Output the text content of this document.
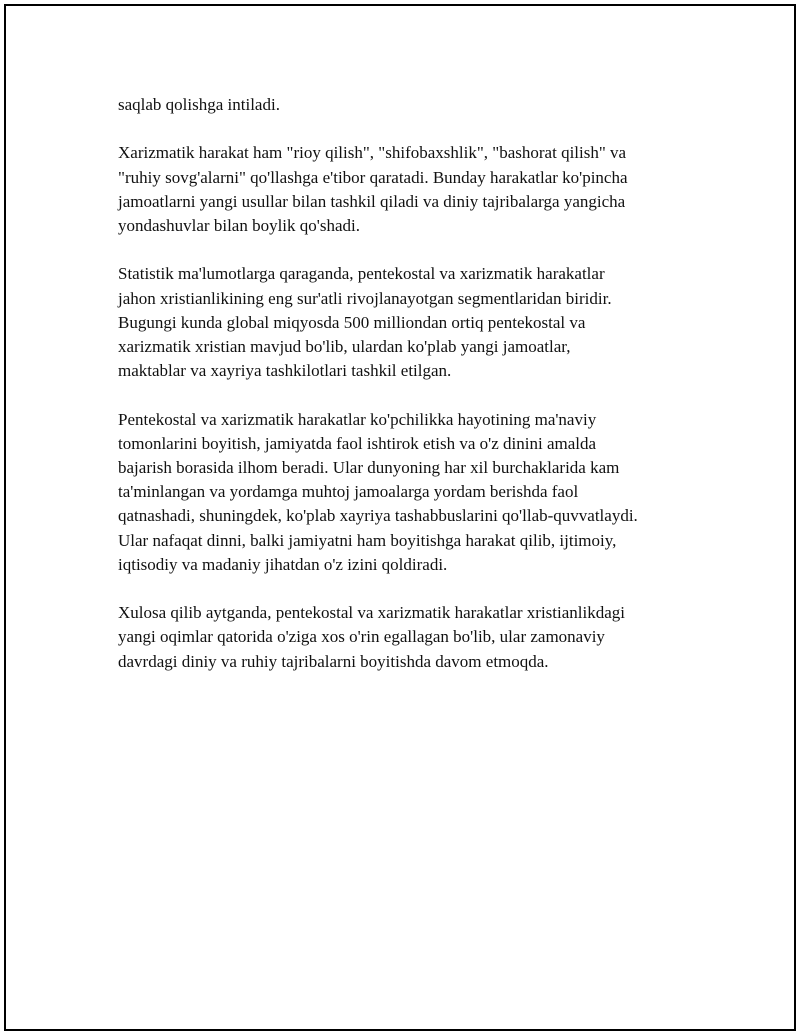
saqlab qolishga intiladi.

Xarizmatik harakat ham "rioy qilish", "shifobaxshlik", "bashorat qilish" va
"ruhiy sovg'alarni" qo'llashga e'tibor qaratadi. Bunday harakatlar ko'pincha
jamoatlarni yangi usullar bilan tashkil qiladi va diniy tajribalarga yangicha
yondashuvlar bilan boylik qo'shadi.

Statistik ma'lumotlarga qaraganda, pentekostal va xarizmatik harakatlar
jahon xristianlikining eng sur'atli rivojlanayotgan segmentlaridan biridir.
Bugungi kunda global miqyosda 500 milliondan ortiq pentekostal va
xarizmatik xristian mavjud bo'lib, ulardan ko'plab yangi jamoatlar,
maktablar va xayriya tashkilotlari tashkil etilgan.

Pentekostal va xarizmatik harakatlar ko'pchilikka hayotining ma'naviy
tomonlarini boyitish, jamiyatda faol ishtirok etish va o'z dinini amalda
bajarish borasida ilhom beradi. Ular dunyoning har xil burchaklarida kam
ta'minlangan va yordamga muhtoj jamoalarga yordam berishda faol
qatnashadi, shuningdek, ko'plab xayriya tashabbuslarini qo'llab-quvvatlaydi.
Ular nafaqat dinni, balki jamiyatni ham boyitishga harakat qilib, ijtimoiy,
iqtisodiy va madaniy jihatdan o'z izini qoldiradi.

Xulosa qilib aytganda, pentekostal va xarizmatik harakatlar xristianlikdagi
yangi oqimlar qatorida o'ziga xos o'rin egallagan bo'lib, ular zamonaviy
davrdagi diniy va ruhiy tajribalarni boyitishda davom etmoqda.
